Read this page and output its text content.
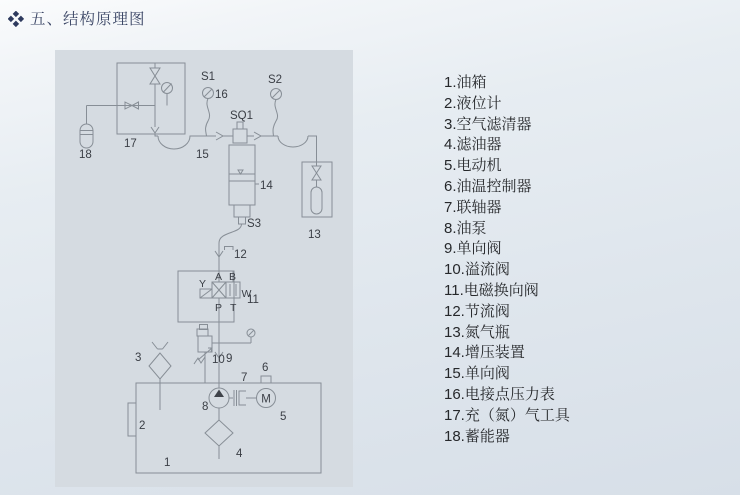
五、结构原理图
17
18	15
S1
16
SQ1
14
S3
S2
13
12
Y
A B
W
P T
11
9
10
3
2
1
8
7
M
5
6
4
1.油箱
2.液位计
3.空气滤清器
4.滤油器
5.电动机
6.油温控制器
7.联轴器
8.油泵
9.单向阀
10.溢流阀
11.电磁换向阀
12.节流阀
13.氮气瓶
14.增压装置
15.单向阀
16.电接点压力表
17.充（氮）气工具
18.蓄能器
